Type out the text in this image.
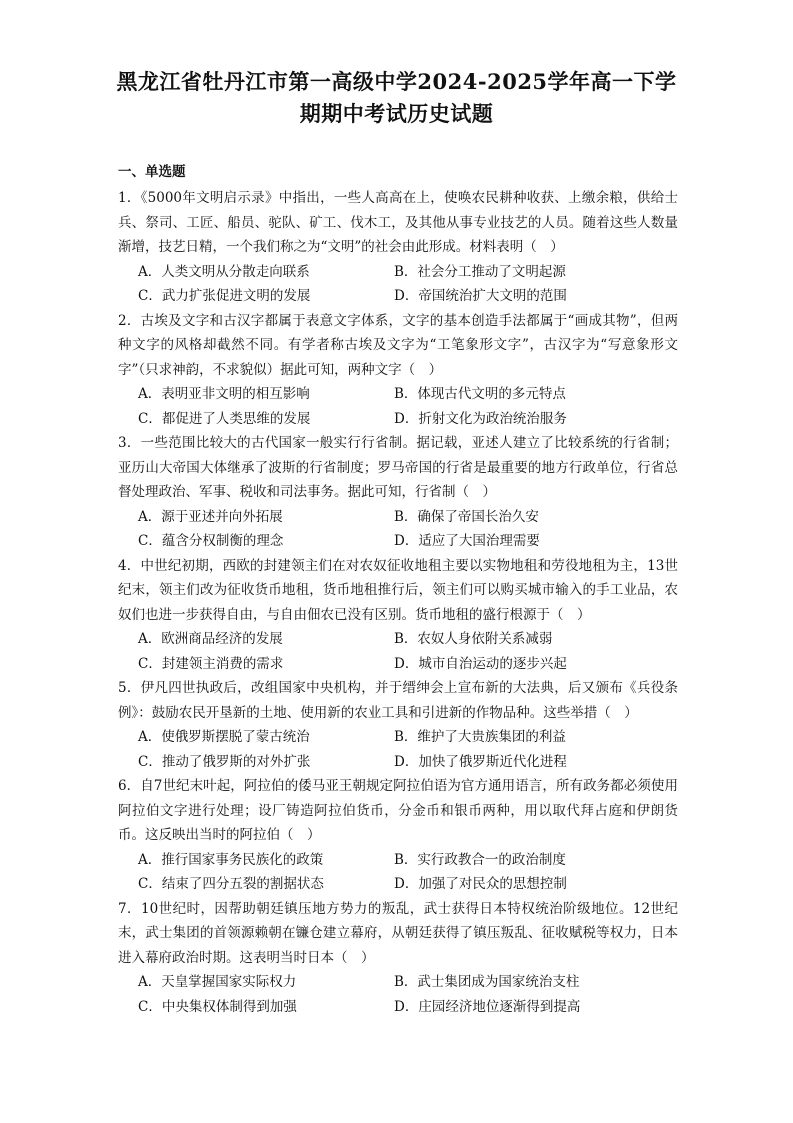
黑龙江省牡丹江市第一高级中学2024-2025学年高一下学
期期中考试历史试题
一、单选题

1．《5000年文明启示录》中指出，一些人高高在上，使唤农民耕种收获、上缴余粮，供给士兵、祭司、工匠、船员、驼队、矿工、伐木工，及其他从事专业技艺的人员。随着这些人数量渐增，技艺日精，一个我们称之为“文明”的社会由此形成。材料表明（　）

A．人类文明从分散走向联系	B．社会分工推动了文明起源
C．武力扩张促进文明的发展	D．帝国统治扩大文明的范围

2．古埃及文字和古汉字都属于表意文字体系，文字的基本创造手法都属于“画成其物”，但两种文字的风格却截然不同。有学者称古埃及文字为“工笔象形文字”，古汉字为“写意象形文字”（只求神韵，不求貌似）据此可知，两种文字（　）

A．表明亚非文明的相互影响	B．体现古代文明的多元特点
C．都促进了人类思维的发展	D．折射文化为政治统治服务

3．一些范围比较大的古代国家一般实行行省制。据记载，亚述人建立了比较系统的行省制；亚历山大帝国大体继承了波斯的行省制度；罗马帝国的行省是最重要的地方行政单位，行省总督处理政治、军事、税收和司法事务。据此可知，行省制（　）

A．源于亚述并向外拓展	B．确保了帝国长治久安
C．蕴含分权制衡的理念	D．适应了大国治理需要

4．中世纪初期，西欧的封建领主们在对农奴征收地租主要以实物地租和劳役地租为主，13世纪末，领主们改为征收货币地租，货币地租推行后，领主们可以购买城市输入的手工业品，农奴们也进一步获得自由，与自由佃农已没有区别。货币地租的盛行根源于（　）

A．欧洲商品经济的发展	B．农奴人身依附关系减弱
C．封建领主消费的需求	D．城市自治运动的逐步兴起

5．伊凡四世执政后，改组国家中央机构，并于缙绅会上宣布新的大法典，后又颁布《兵役条例》：鼓励农民开垦新的土地、使用新的农业工具和引进新的作物品种。这些举措（　）

A．使俄罗斯摆脱了蒙古统治	B．维护了大贵族集团的利益
C．推动了俄罗斯的对外扩张	D．加快了俄罗斯近代化进程

6．自7世纪末叶起，阿拉伯的倭马亚王朝规定阿拉伯语为官方通用语言，所有政务都必须使用阿拉伯文字进行处理；设厂铸造阿拉伯货币，分金币和银币两种，用以取代拜占庭和伊朗货币。这反映出当时的阿拉伯（　）

A．推行国家事务民族化的政策	B．实行政教合一的政治制度
C．结束了四分五裂的割据状态	D．加强了对民众的思想控制

7．10世纪时，因帮助朝廷镇压地方势力的叛乱，武士获得日本特权统治阶级地位。12世纪末，武士集团的首领源赖朝在镰仓建立幕府，从朝廷获得了镇压叛乱、征收赋税等权力，日本进入幕府政治时期。这表明当时日本（　）

A．天皇掌握国家实际权力	B．武士集团成为国家统治支柱
C．中央集权体制得到加强	D．庄园经济地位逐渐得到提高
